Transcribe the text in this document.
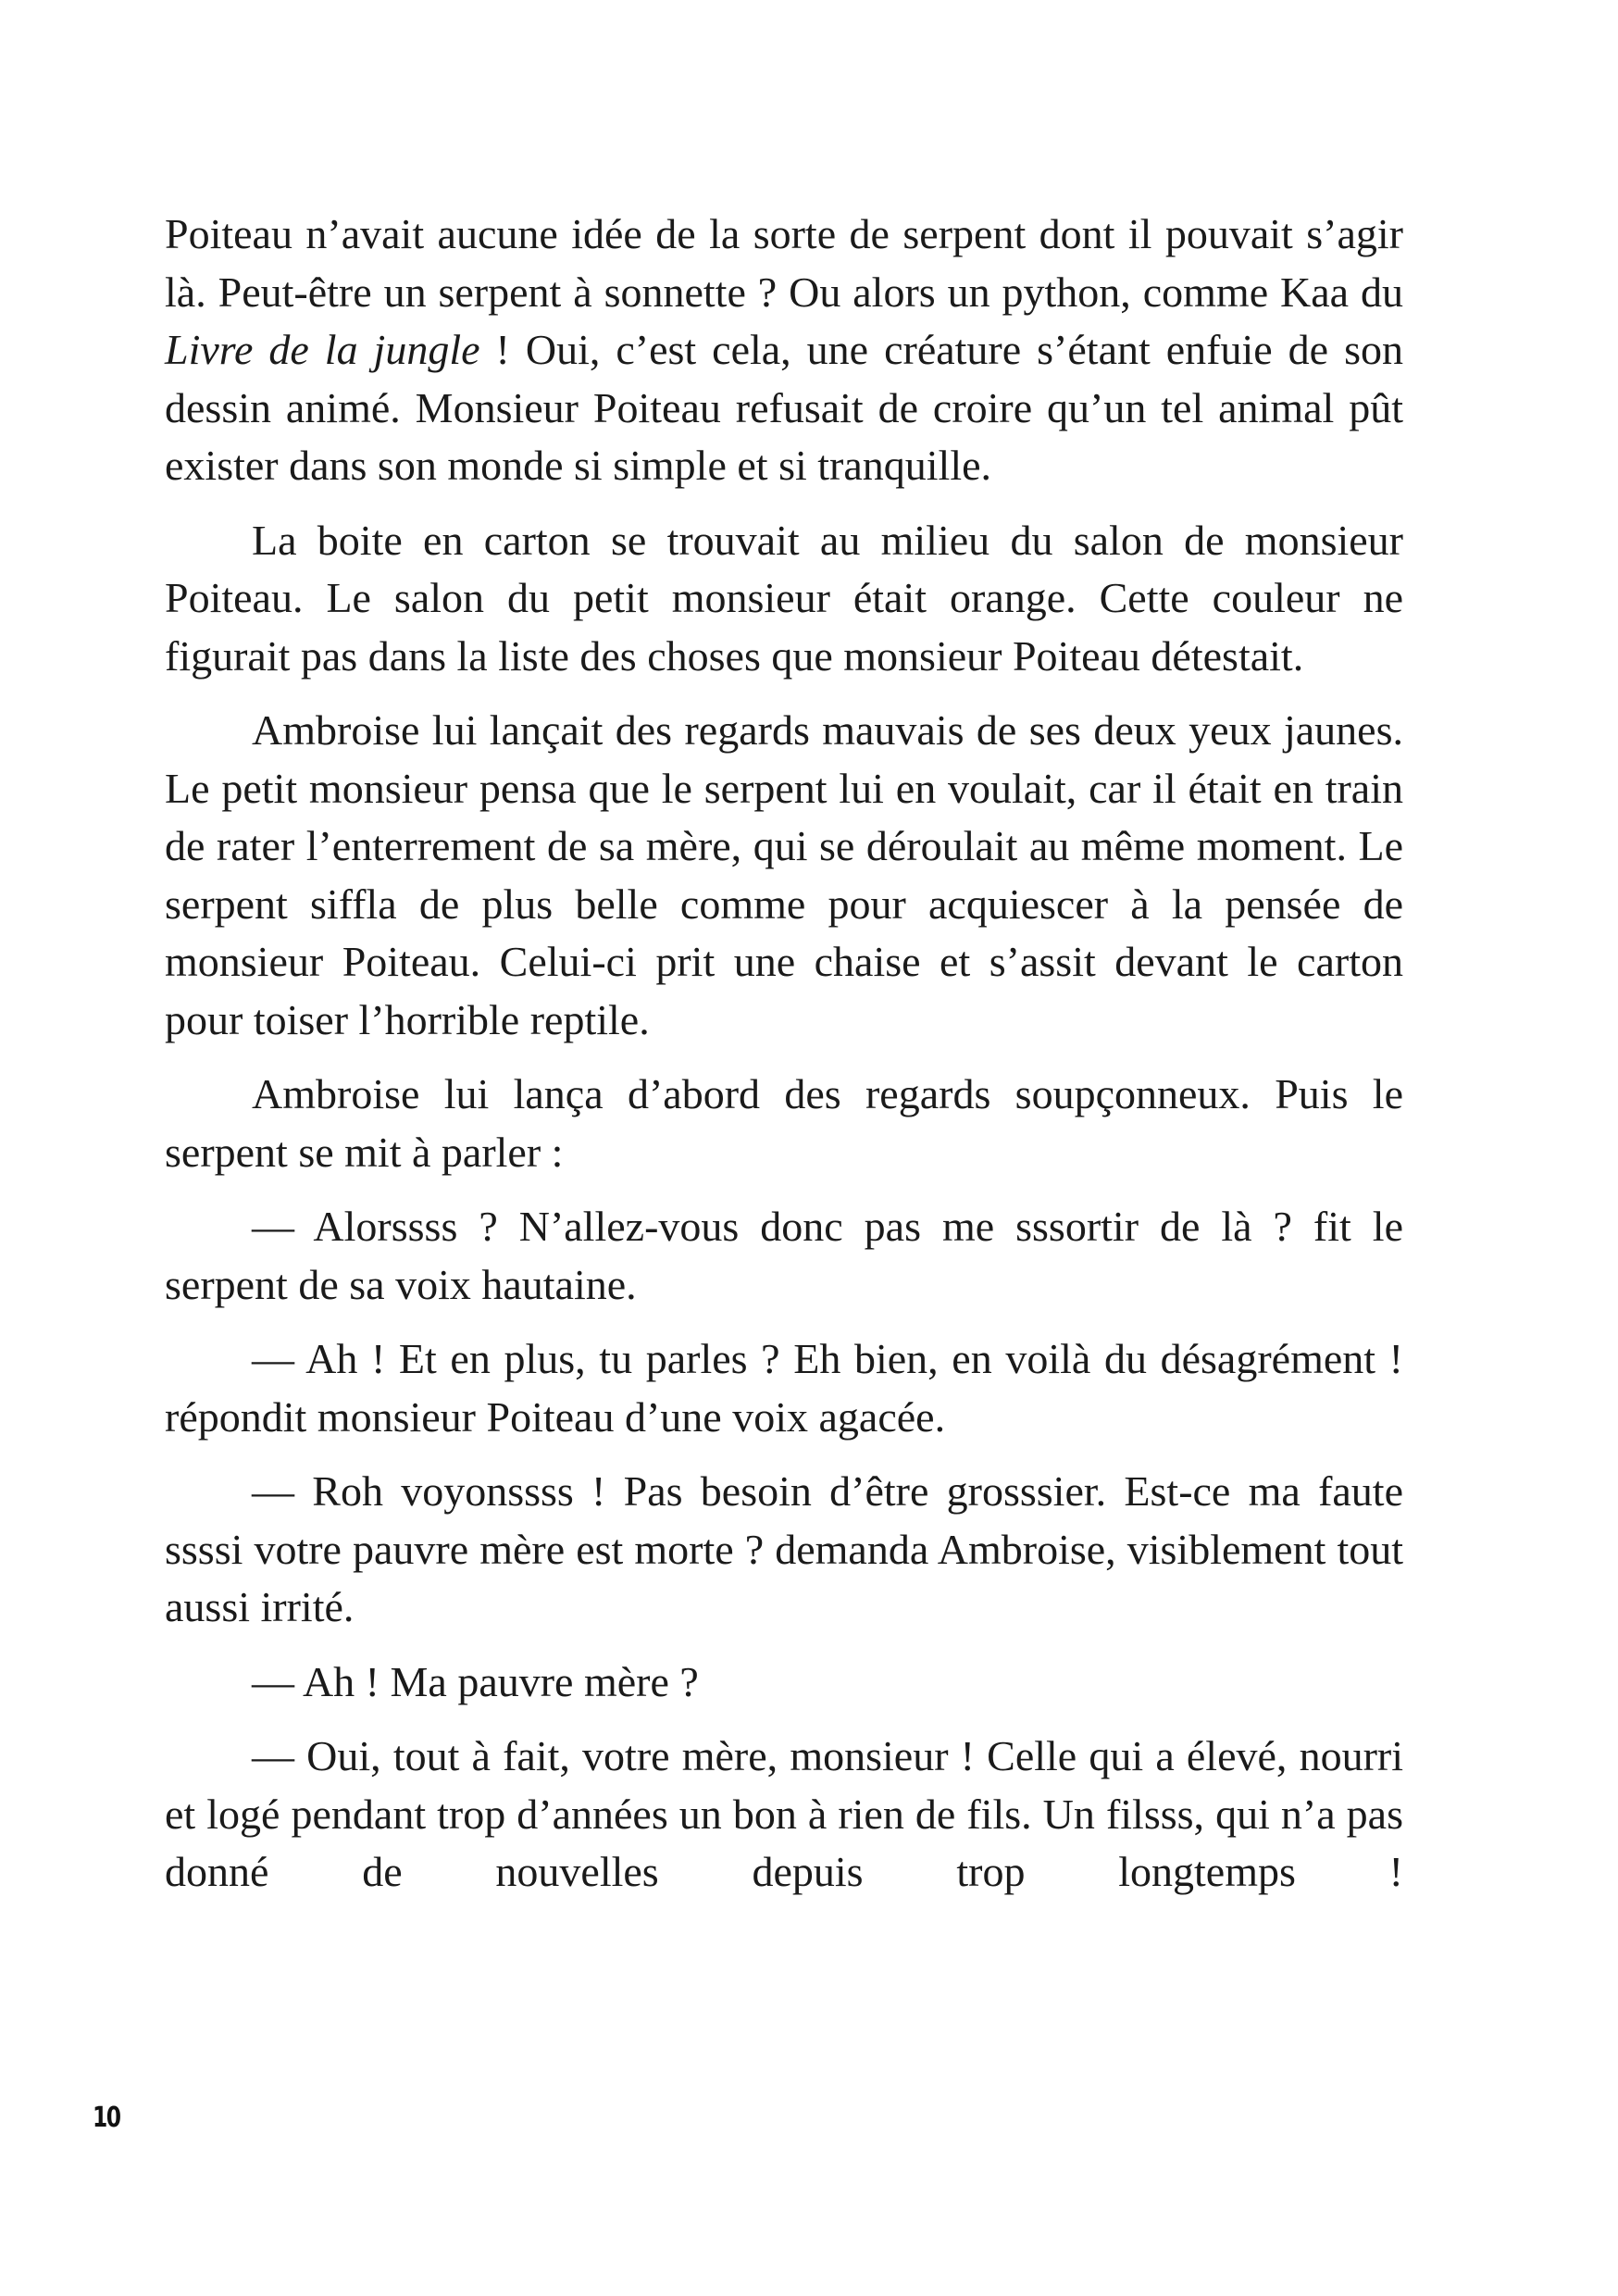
Poiteau n’avait aucune idée de la sorte de serpent dont il pouvait s’agir là. Peut-être un serpent à sonnette ? Ou alors un python, comme Kaa du Livre de la jungle ! Oui, c’est cela, une créature s’étant enfuie de son dessin animé. Monsieur Poiteau refusait de croire qu’un tel animal pût exister dans son monde si simple et si tranquille.

La boite en carton se trouvait au milieu du salon de monsieur Poiteau. Le salon du petit monsieur était orange. Cette couleur ne figurait pas dans la liste des choses que monsieur Poiteau détestait.

Ambroise lui lançait des regards mauvais de ses deux yeux jaunes. Le petit monsieur pensa que le serpent lui en voulait, car il était en train de rater l’enterrement de sa mère, qui se déroulait au même moment. Le serpent siffla de plus belle comme pour acquiescer à la pensée de monsieur Poiteau. Celui-ci prit une chaise et s’assit devant le carton pour toiser l’horrible reptile.

Ambroise lui lança d’abord des regards soupçonneux. Puis le serpent se mit à parler :

— Alorssss ? N’allez-vous donc pas me sssortir de là ? fit le serpent de sa voix hautaine.

— Ah ! Et en plus, tu parles ? Eh bien, en voilà du désagrément ! répondit monsieur Poiteau d’une voix agacée.

— Roh voyonssss ! Pas besoin d’être grosssier. Est-ce ma faute ssssi votre pauvre mère est morte ? demanda Ambroise, visiblement tout aussi irrité.

— Ah ! Ma pauvre mère ?

— Oui, tout à fait, votre mère, monsieur ! Celle qui a élevé, nourri et logé pendant trop d’années un bon à rien de fils. Un filsss, qui n’a pas donné de nouvelles depuis trop longtemps !

10
